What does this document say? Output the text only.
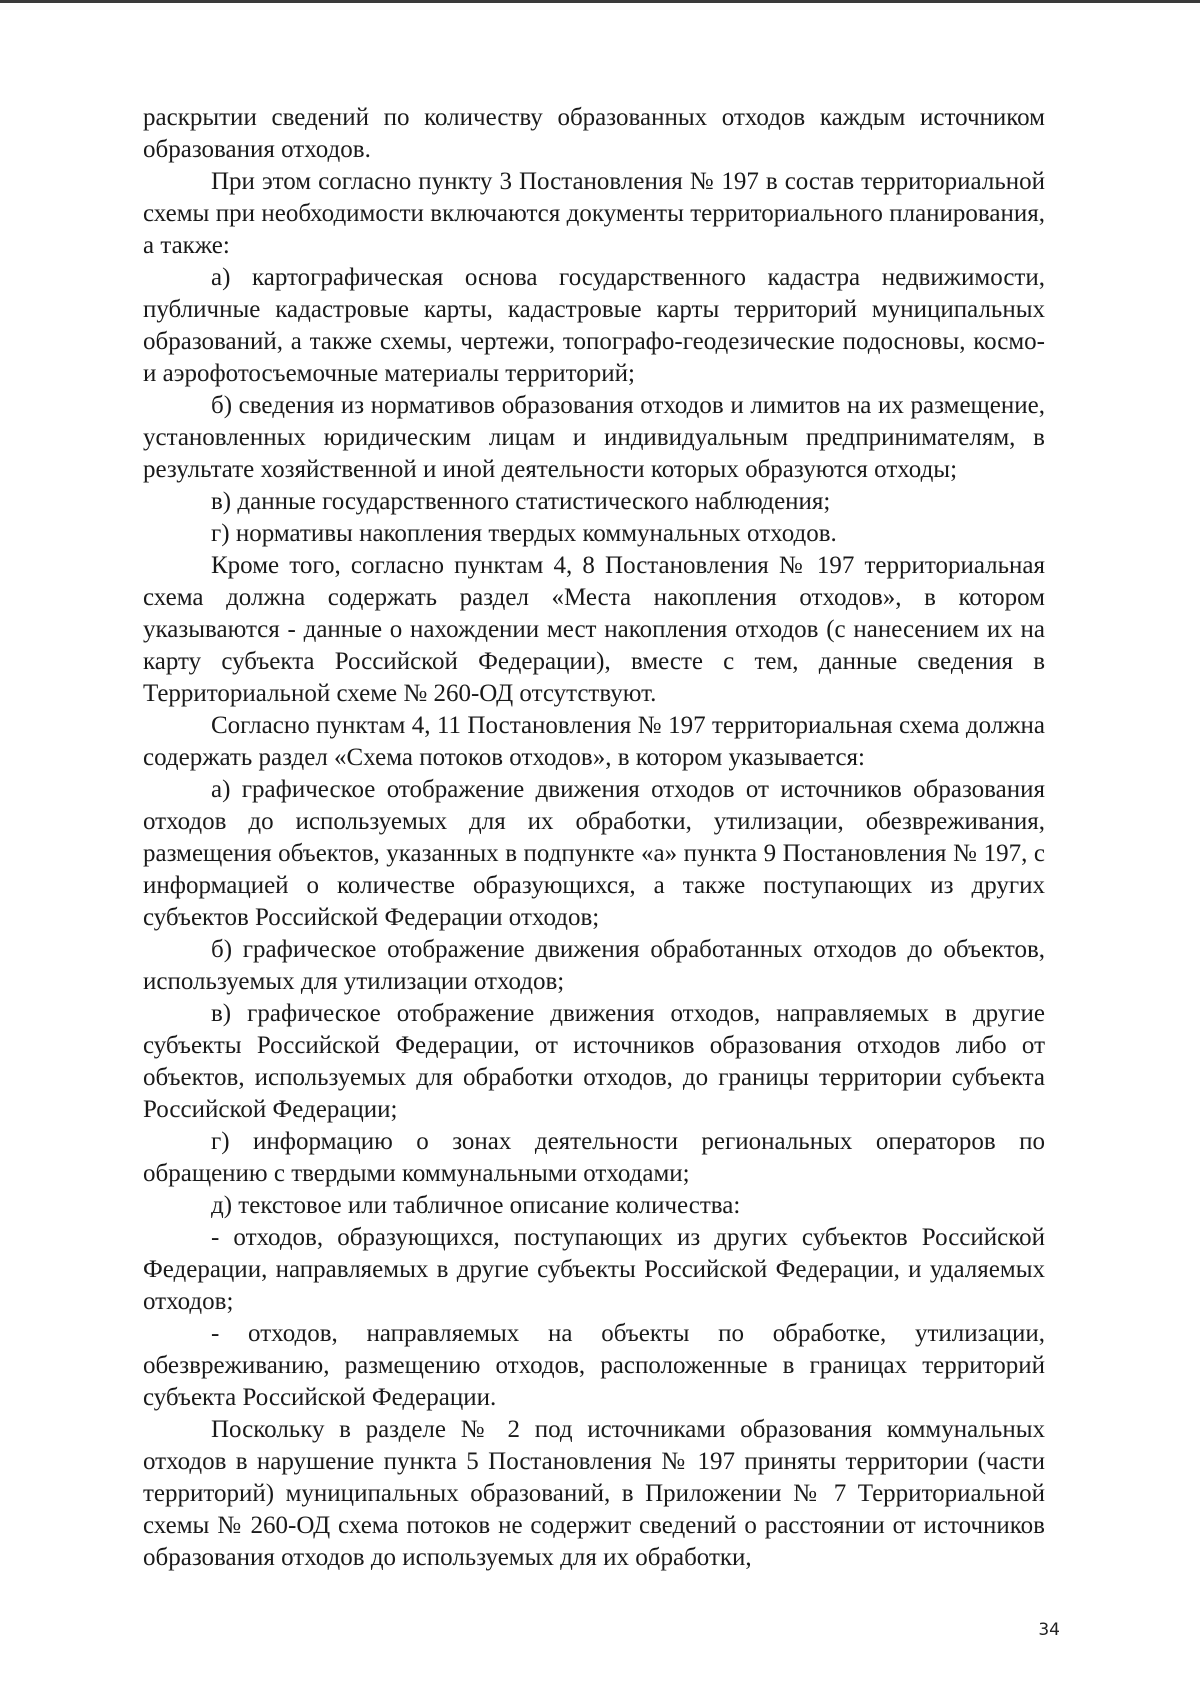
раскрытии сведений по количеству образованных отходов каждым источником образования отходов.

При этом согласно пункту 3 Постановления № 197 в состав территориальной схемы при необходимости включаются документы территориального планирования, а также:

а) картографическая основа государственного кадастра недвижимости, публичные кадастровые карты, кадастровые карты территорий муниципальных образований, а также схемы, чертежи, топографо-геодезические подосновы, космо- и аэрофотосъемочные материалы территорий;

б) сведения из нормативов образования отходов и лимитов на их размещение, установленных юридическим лицам и индивидуальным предпринимателям, в результате хозяйственной и иной деятельности которых образуются отходы;

в) данные государственного статистического наблюдения;

г) нормативы накопления твердых коммунальных отходов.

Кроме того, согласно пунктам 4, 8 Постановления № 197 территориальная схема должна содержать раздел «Места накопления отходов», в котором указываются - данные о нахождении мест накопления отходов (с нанесением их на карту субъекта Российской Федерации), вместе с тем, данные сведения в Территориальной схеме № 260-ОД отсутствуют.

Согласно пунктам 4, 11 Постановления № 197 территориальная схема должна содержать раздел «Схема потоков отходов», в котором указывается:

а) графическое отображение движения отходов от источников образования отходов до используемых для их обработки, утилизации, обезвреживания, размещения объектов, указанных в подпункте «а» пункта 9 Постановления № 197, с информацией о количестве образующихся, а также поступающих из других субъектов Российской Федерации отходов;

б) графическое отображение движения обработанных отходов до объектов, используемых для утилизации отходов;

в) графическое отображение движения отходов, направляемых в другие субъекты Российской Федерации, от источников образования отходов либо от объектов, используемых для обработки отходов, до границы территории субъекта Российской Федерации;

г) информацию о зонах деятельности региональных операторов по обращению с твердыми коммунальными отходами;

д) текстовое или табличное описание количества:

- отходов, образующихся, поступающих из других субъектов Российской Федерации, направляемых в другие субъекты Российской Федерации, и удаляемых отходов;

- отходов, направляемых на объекты по обработке, утилизации, обезвреживанию, размещению отходов, расположенные в границах территорий субъекта Российской Федерации.

Поскольку в разделе № 2 под источниками образования коммунальных отходов в нарушение пункта 5 Постановления № 197 приняты территории (части территорий) муниципальных образований, в Приложении № 7 Территориальной схемы № 260-ОД схема потоков не содержит сведений о расстоянии от источников образования отходов до используемых для их обработки,

34
